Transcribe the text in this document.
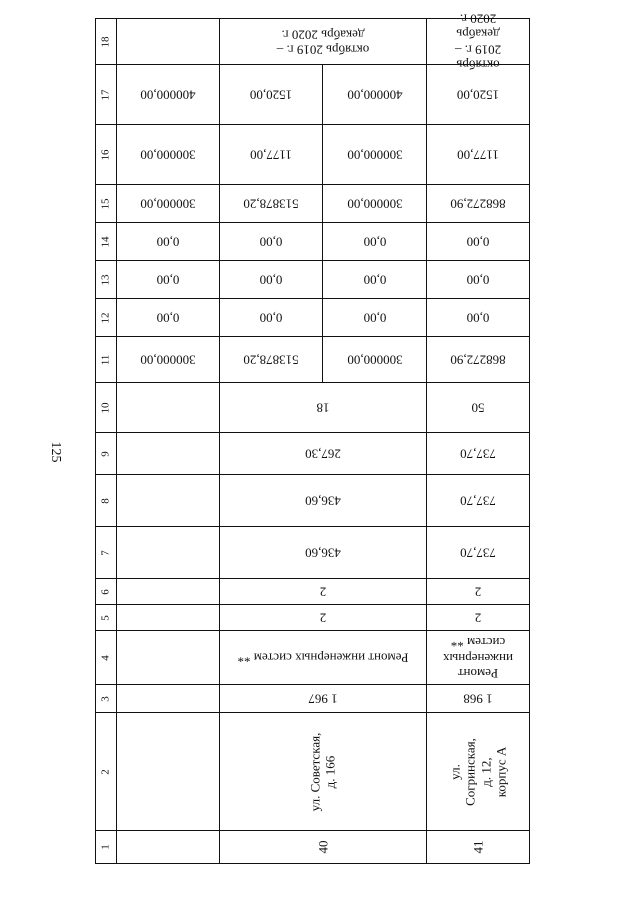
125
18		октябрь 2019 г. –
декабрь 2020 г.		октябрь 2019 г. –
декабрь 2020 г.

17	400000,00	1520,00	400000,00	1520,00

16	300000,00	1177,00	300000,00	1177,00

15	300000,00	513878,20	300000,00	868272,90

14	0,00	0,00	0,00	0,00

13	0,00	0,00	0,00	0,00

12	0,00	0,00	0,00	0,00

11	300000,00	513878,20	300000,00	868272,90

10		18		50

9		267,30		737,70

8		436,60		737,70

7		436,60		737,70

6		2		2

5		2		2

4		Ремонт инженерных систем **		Ремонт
инженерных
систем **

3		1 967		1 968

2		ул. Советская,
д. 166		ул. Согринская,
д. 12, корпус А

1		40		41
